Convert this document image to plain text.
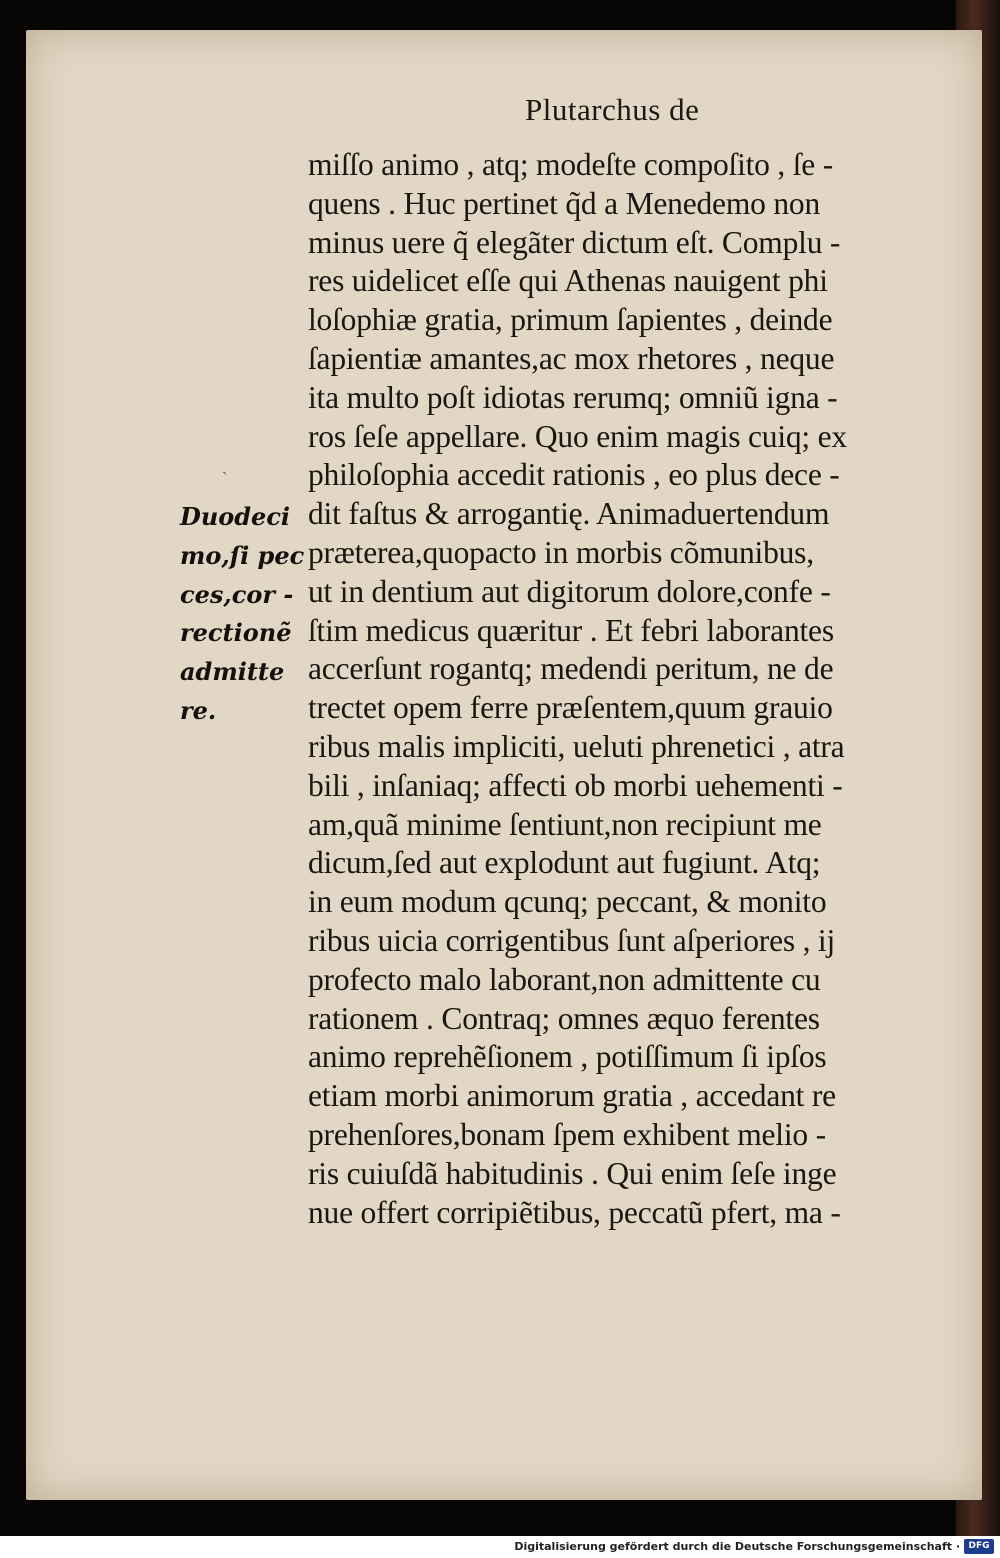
Plutarchus de
ˋ
Duodeci
mo,ſi pec
ces,cor -
rectionẽ
admitte
re.
miſſo animo , atq; modeſte compoſito , ſe -
quens . Huc pertinet q̃d a Menedemo non
minus uere q̃ elegãter dictum eſt. Complu -
res uidelicet eſſe qui Athenas nauigent phi
loſophiæ gratia, primum ſapientes , deinde
ſapientiæ amantes,ac mox rhetores , neque
ita multo poſt idiotas rerumq; omniũ igna -
ros ſeſe appellare. Quo enim magis cuiq; ex
philoſophia accedit rationis , eo plus dece -
dit faſtus & arrogantię. Animaduertendum
præterea,quopacto in morbis cõmunibus,
ut in dentium aut digitorum dolore,confe -
ſtim medicus quæritur . Et febri laborantes
accerſunt rogantq; medendi peritum, ne de
trectet opem ferre præſentem,quum grauio
ribus malis impliciti, ueluti phrenetici , atra
bili , inſaniaq; affecti ob morbi uehementi -
am,quã minime ſentiunt,non recipiunt me
dicum,ſed aut explodunt aut fugiunt. Atq;
in eum modum qcunq; peccant, & monito
ribus uicia corrigentibus ſunt aſperiores , ij
profecto malo laborant,non admittente cu
rationem . Contraq; omnes æquo ferentes
animo reprehẽſionem , potiſſimum ſi ipſos
etiam morbi animorum gratia , accedant re
prehenſores,bonam ſpem exhibent melio -
ris cuiuſdã habitudinis . Qui enim ſeſe inge
nue offert corripiẽtibus, peccatũ pfert, ma -
Digitalisierung gefördert durch die Deutsche Forschungsgemeinschaft · DFG
